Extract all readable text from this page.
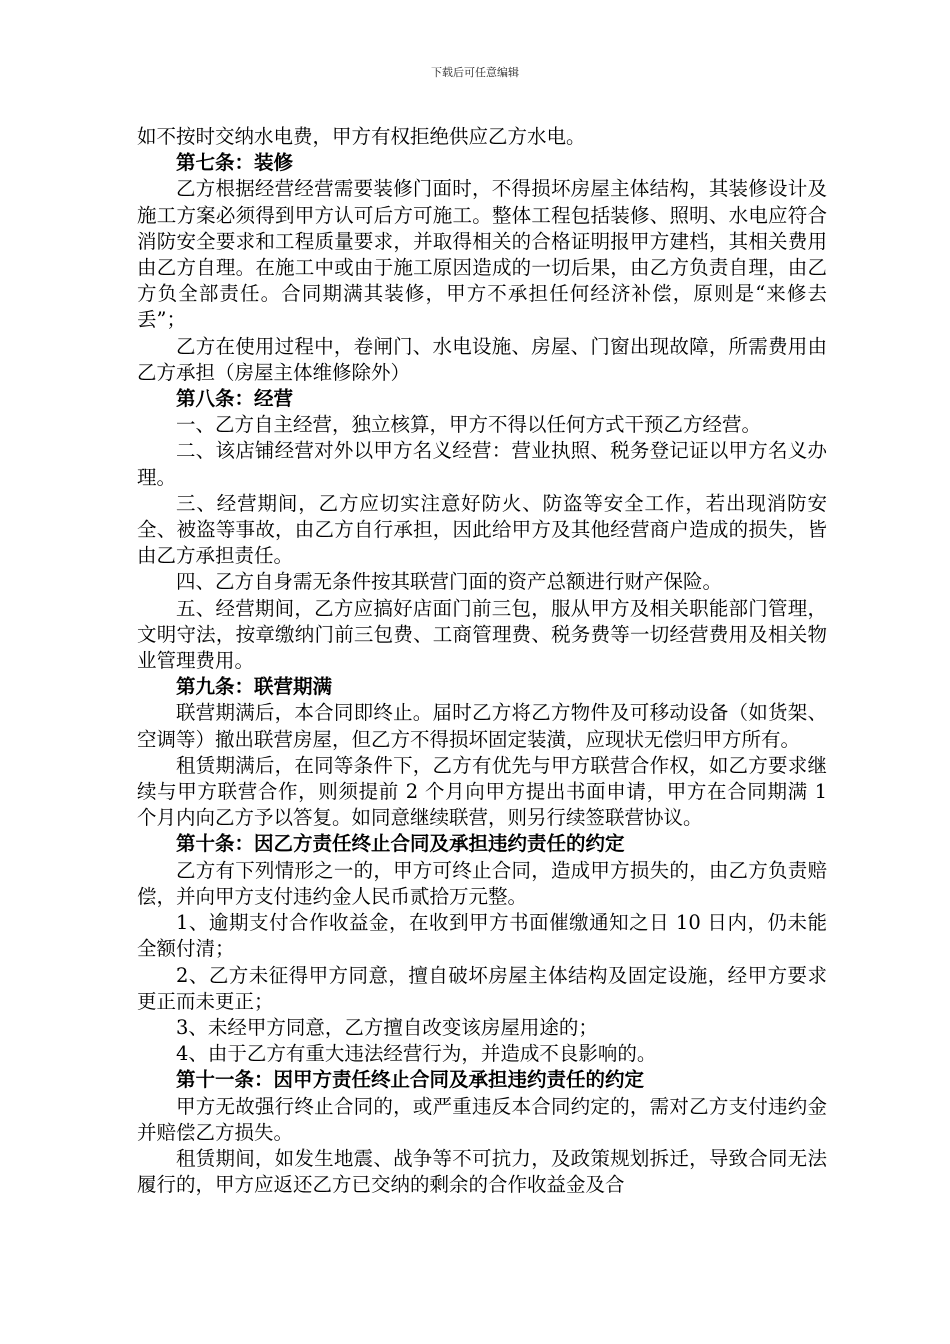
下载后可任意编辑

如不按时交纳水电费，甲方有权拒绝供应乙方水电。

第七条：装修

乙方根据经营经营需要装修门面时，不得损坏房屋主体结构，其装修设计及施工方案必须得到甲方认可后方可施工。整体工程包括装修、照明、水电应符合消防安全要求和工程质量要求，并取得相关的合格证明报甲方建档，其相关费用由乙方自理。在施工中或由于施工原因造成的一切后果，由乙方负责自理，由乙方负全部责任。合同期满其装修，甲方不承担任何经济补偿，原则是“来修去丢”；

乙方在使用过程中，卷闸门、水电设施、房屋、门窗出现故障，所需费用由乙方承担（房屋主体维修除外）

第八条：经营

一、乙方自主经营，独立核算，甲方不得以任何方式干预乙方经营。

二、该店铺经营对外以甲方名义经营：营业执照、税务登记证以甲方名义办理。

三、经营期间，乙方应切实注意好防火、防盗等安全工作，若出现消防安全、被盗等事故，由乙方自行承担，因此给甲方及其他经营商户造成的损失，皆由乙方承担责任。

四、乙方自身需无条件按其联营门面的资产总额进行财产保险。

五、经营期间，乙方应搞好店面门前三包，服从甲方及相关职能部门管理，文明守法，按章缴纳门前三包费、工商管理费、税务费等一切经营费用及相关物业管理费用。

第九条：联营期满

联营期满后，本合同即终止。届时乙方将乙方物件及可移动设备（如货架、空调等）撤出联营房屋，但乙方不得损坏固定装潢，应现状无偿归甲方所有。

租赁期满后，在同等条件下，乙方有优先与甲方联营合作权，如乙方要求继续与甲方联营合作，则须提前 2 个月向甲方提出书面申请，甲方在合同期满 1 个月内向乙方予以答复。如同意继续联营，则另行续签联营协议。

第十条：因乙方责任终止合同及承担违约责任的约定

乙方有下列情形之一的，甲方可终止合同，造成甲方损失的，由乙方负责赔偿，并向甲方支付违约金人民币贰拾万元整。

1、逾期支付合作收益金，在收到甲方书面催缴通知之日 10 日内，仍未能全额付清；

2、乙方未征得甲方同意，擅自破坏房屋主体结构及固定设施，经甲方要求更正而未更正；

3、未经甲方同意，乙方擅自改变该房屋用途的；

4、由于乙方有重大违法经营行为，并造成不良影响的。

第十一条：因甲方责任终止合同及承担违约责任的约定

甲方无故强行终止合同的，或严重违反本合同约定的，需对乙方支付违约金并赔偿乙方损失。

租赁期间，如发生地震、战争等不可抗力，及政策规划拆迁，导致合同无法履行的，甲方应返还乙方已交纳的剩余的合作收益金及合
